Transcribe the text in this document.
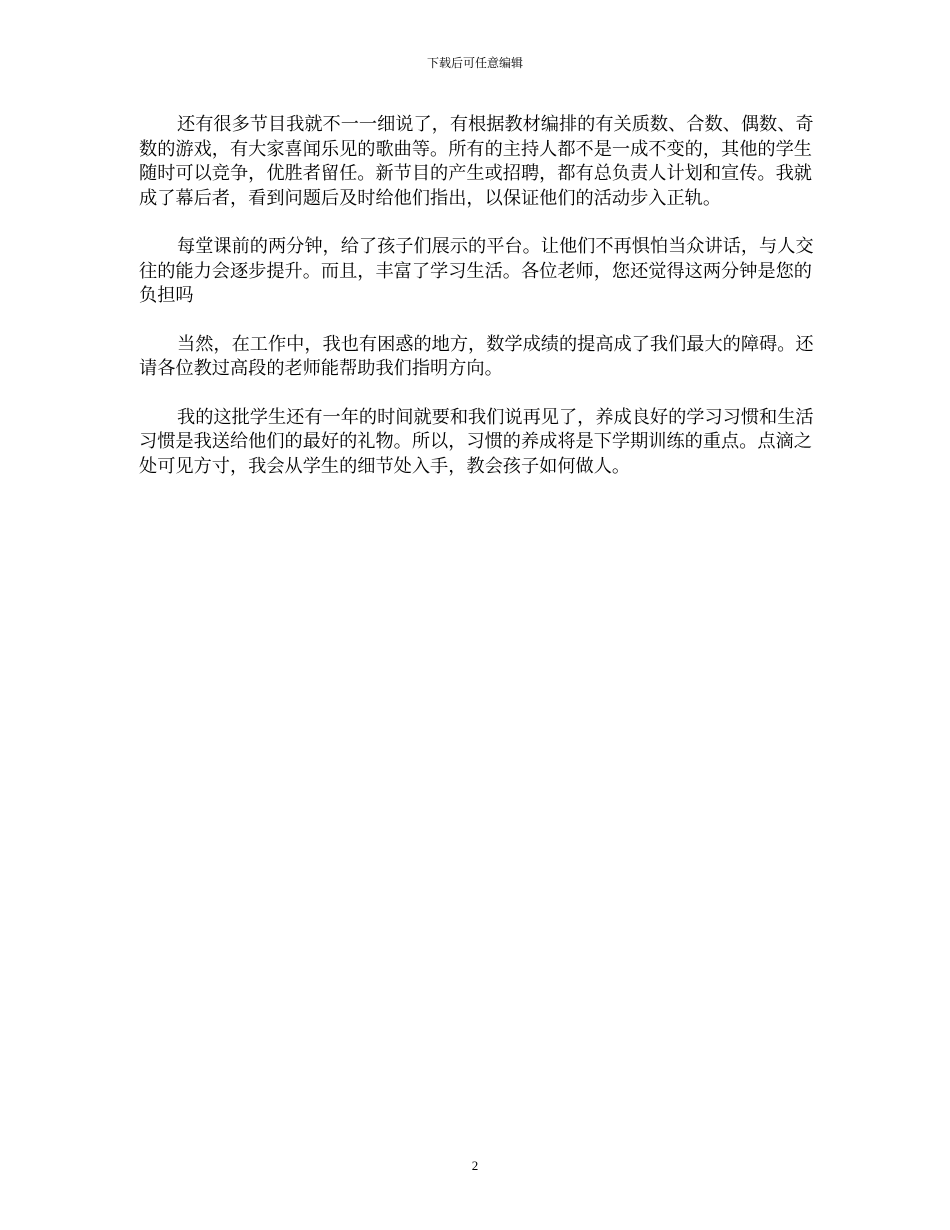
下载后可任意编辑

还有很多节目我就不一一细说了，有根据教材编排的有关质数、合数、偶数、奇数的游戏，有大家喜闻乐见的歌曲等。所有的主持人都不是一成不变的，其他的学生随时可以竞争，优胜者留任。新节目的产生或招聘，都有总负责人计划和宣传。我就成了幕后者，看到问题后及时给他们指出，以保证他们的活动步入正轨。

每堂课前的两分钟，给了孩子们展示的平台。让他们不再惧怕当众讲话，与人交往的能力会逐步提升。而且，丰富了学习生活。各位老师，您还觉得这两分钟是您的负担吗

当然，在工作中，我也有困惑的地方，数学成绩的提高成了我们最大的障碍。还请各位教过高段的老师能帮助我们指明方向。

我的这批学生还有一年的时间就要和我们说再见了，养成良好的学习习惯和生活习惯是我送给他们的最好的礼物。所以，习惯的养成将是下学期训练的重点。点滴之处可见方寸，我会从学生的细节处入手，教会孩子如何做人。

2
